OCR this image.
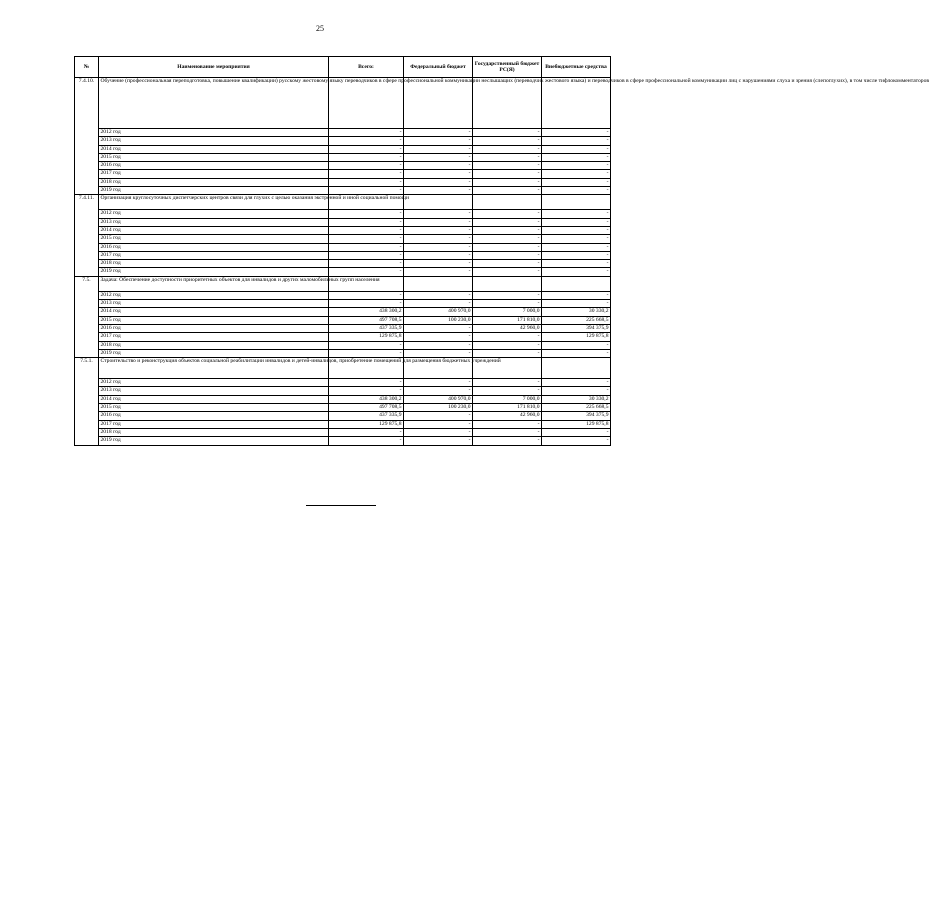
25
№	Наименование мероприятия	Всего:	Федеральный бюджет	Государственный бюджет РС(Я)	Внебюджетные средства
7.4.10.	Обучение (профессиональная переподготовка, повышение квалификации) русскому жестовому языку переводчиков в сфере профессиональной коммуникации неслышащих (переводчик жестового языка) и переводчиков в сфере профессиональной коммуникации лиц с нарушениями слуха и зрения (слепоглухих), в том числе тифлокомментаторов				
	2012 год	-	-	-	-
	2013 год	-	-	-	-
	2014 год	-	-	-	-
	2015 год	-	-	-	-
	2016 год	-	-	-	-
	2017 год	-	-	-	-
	2018 год	-	-	-	-
	2019 год	-	-	-	-
7.4.11.	Организация круглосуточных диспетчерских центров связи для глухих с целью оказания экстренной и иной социальной помощи				
	2012 год	-	-	-	-
	2013 год	-	-	-	-
	2014 год	-	-	-	-
	2015 год	-	-	-	-
	2016 год	-	-	-	-
	2017 год	-	-	-	-
	2018 год	-	-	-	-
	2019 год	-	-	-	-
7.5.	Задача: Обеспечение доступности приоритетных объектов для инвалидов и других маломобильных групп населения				
	2012 год	-	-	-	-
	2013 год	-	-	-	-
	2014 год	438 300,2	400 970,0	7 000,0	30 330,2
	2015 год	497 708,5	100 230,0	171 810,0	225 668,5
	2016 год	437 335,9	-	42 960,0	394 375,9
	2017 год	129 875,8	-	-	129 875,8
	2018 год	-	-	-	-
	2019 год	-	-	-	-
7.5.1.	Строительство и реконструкция объектов социальной реабилитации инвалидов и детей-инвалидов, приобретение помещений для размещения бюджетных учреждений				
	2012 год	-	-	-	-
	2013 год	-	-	-	-
	2014 год	438 300,2	400 970,0	7 000,0	30 330,2
	2015 год	497 708,5	100 230,0	171 810,0	225 668,5
	2016 год	437 335,9	-	42 960,0	394 375,9
	2017 год	129 875,8	-	-	129 875,8
	2018 год	-	-	-	-
	2019 год	-	-	-	-
